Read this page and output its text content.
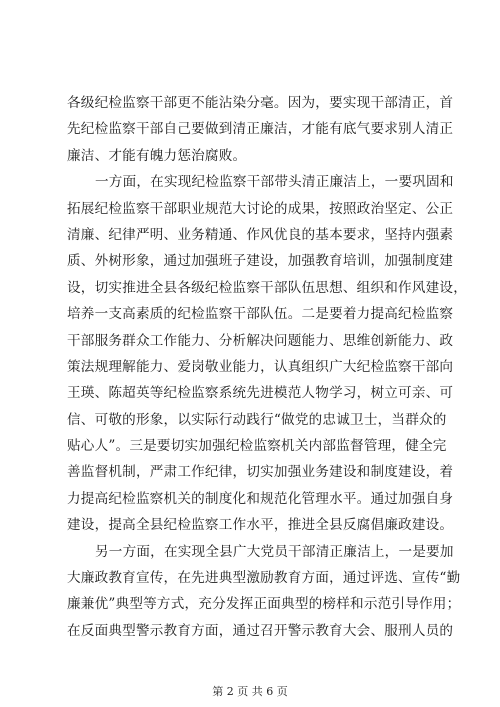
各级纪检监察干部更不能沾染分毫。因为，要实现干部清正，首
先纪检监察干部自己要做到清正廉洁，才能有底气要求别人清正
廉洁、才能有魄力惩治腐败。
一方面，在实现纪检监察干部带头清正廉洁上，一要巩固和
拓展纪检监察干部职业规范大讨论的成果，按照政治坚定、公正
清廉、纪律严明、业务精通、作风优良的基本要求，坚持内强素
质、外树形象，通过加强班子建设，加强教育培训，加强制度建
设，切实推进全县各级纪检监察干部队伍思想、组织和作风建设，
培养一支高素质的纪检监察干部队伍。二是要着力提高纪检监察
干部服务群众工作能力、分析解决问题能力、思维创新能力、政
策法规理解能力、爱岗敬业能力，认真组织广大纪检监察干部向
王瑛、陈超英等纪检监察系统先进模范人物学习，树立可亲、可
信、可敬的形象，以实际行动践行“做党的忠诚卫士，当群众的
贴心人”。三是要切实加强纪检监察机关内部监督管理，健全完
善监督机制，严肃工作纪律，切实加强业务建设和制度建设，着
力提高纪检监察机关的制度化和规范化管理水平。通过加强自身
建设，提高全县纪检监察工作水平，推进全县反腐倡廉政建设。
另一方面，在实现全县广大党员干部清正廉洁上，一是要加
大廉政教育宣传，在先进典型激励教育方面，通过评选、宣传“勤
廉兼优”典型等方式，充分发挥正面典型的榜样和示范引导作用；
在反面典型警示教育方面，通过召开警示教育大会、服刑人员的
第 2 页 共 6 页
